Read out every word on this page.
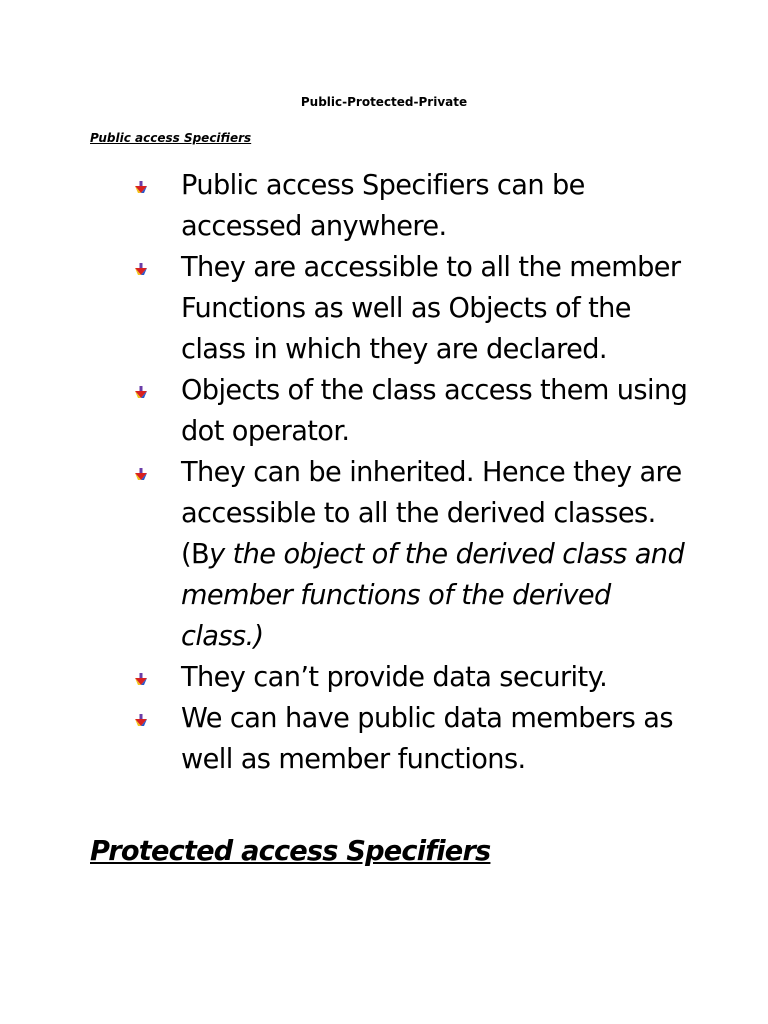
Public-Protected-Private
Public access Specifiers
Public access Specifiers can be accessed anywhere.
They are accessible to all the member Functions as well as Objects of the class in which they are declared.
Objects of the class access them using dot operator.
They can be inherited. Hence they are accessible to all the derived classes. (By the object of the derived class and member functions of the derived class.)
They can’t provide data security.
We can have public data members as well as member functions.
Protected access Specifiers
